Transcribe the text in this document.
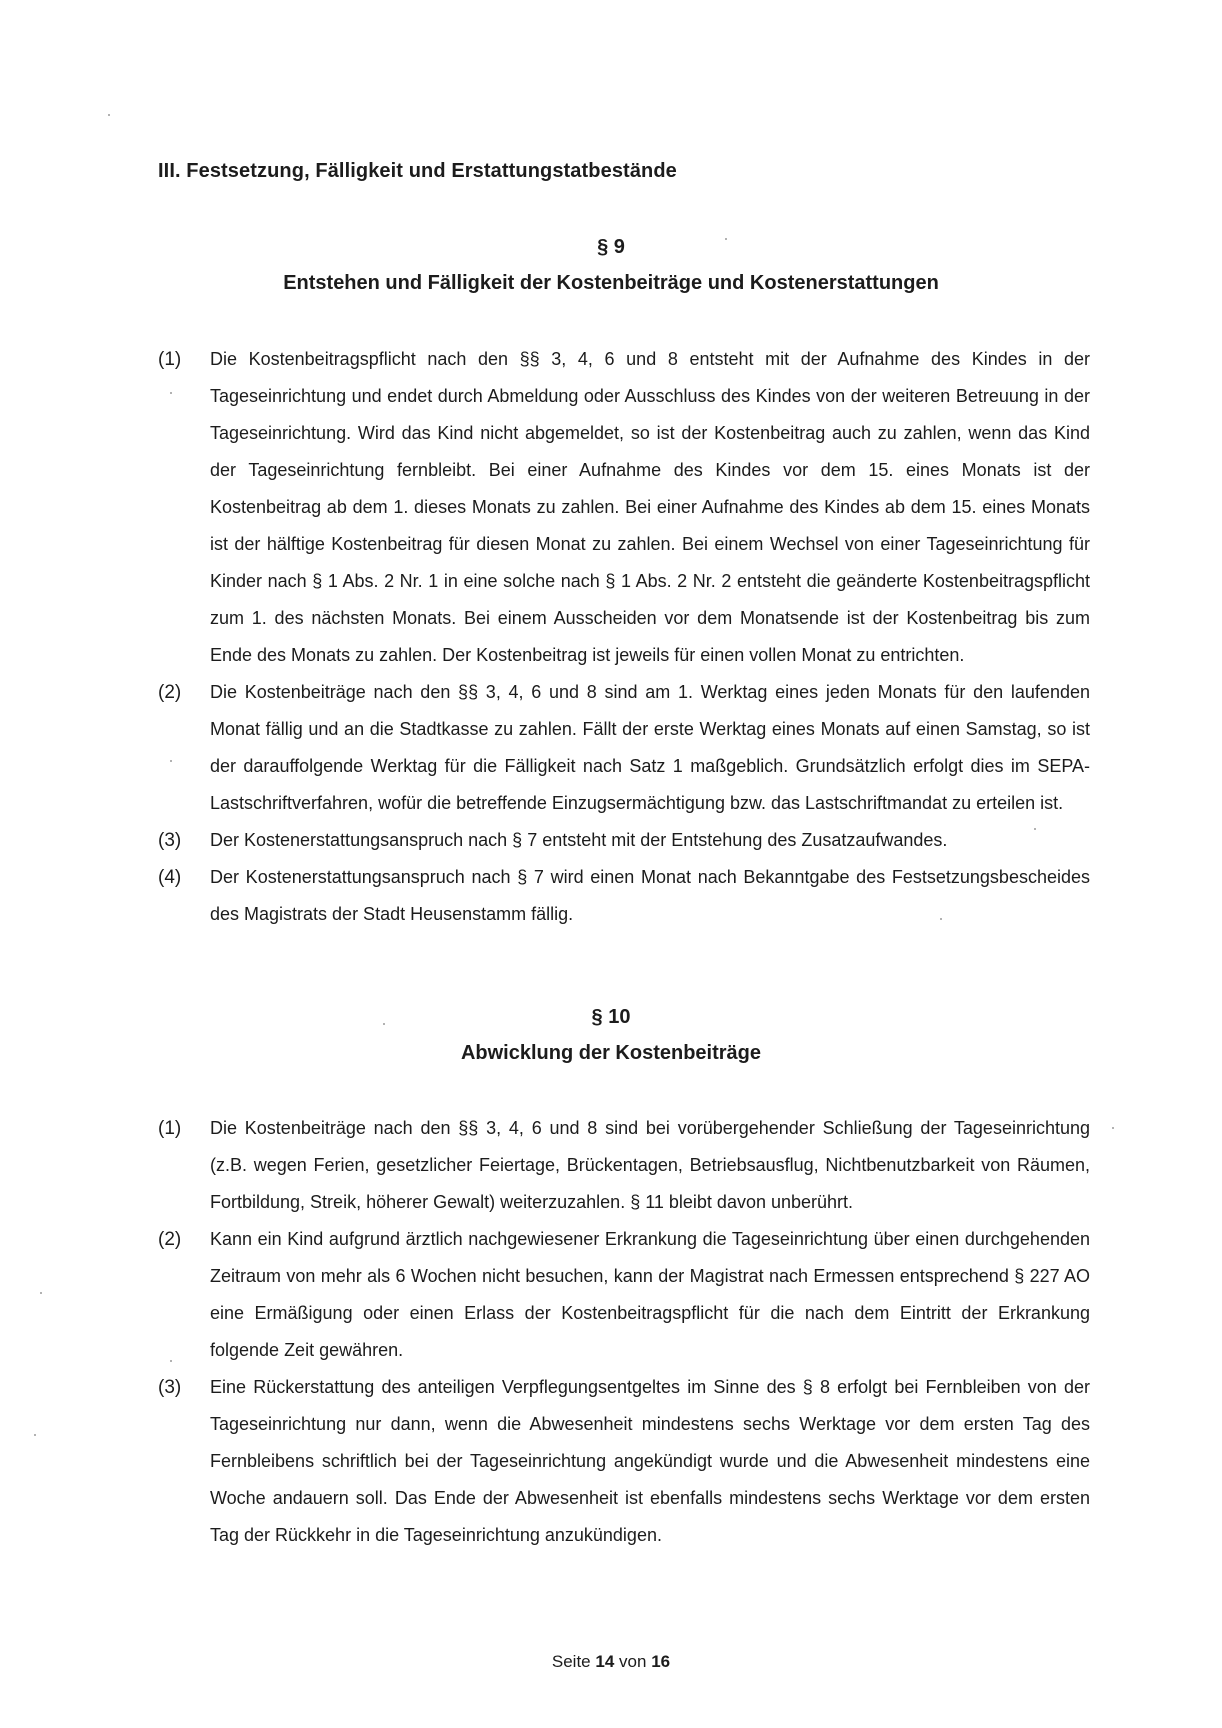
III. Festsetzung, Fälligkeit und Erstattungstatbestände
§ 9
Entstehen und Fälligkeit der Kostenbeiträge und Kostenerstattungen
(1)	Die Kostenbeitragspflicht nach den §§ 3, 4, 6 und 8 entsteht mit der Aufnahme des Kindes in der Tageseinrichtung und endet durch Abmeldung oder Ausschluss des Kindes von der weiteren Betreuung in der Tageseinrichtung. Wird das Kind nicht abgemeldet, so ist der Kostenbeitrag auch zu zahlen, wenn das Kind der Tageseinrichtung fernbleibt. Bei einer Aufnahme des Kindes vor dem 15. eines Monats ist der Kostenbeitrag ab dem 1. dieses Monats zu zahlen. Bei einer Aufnahme des Kindes ab dem 15. eines Monats ist der hälftige Kostenbeitrag für diesen Monat zu zahlen. Bei einem Wechsel von einer Tageseinrichtung für Kinder nach § 1 Abs. 2 Nr. 1 in eine solche nach § 1 Abs. 2 Nr. 2 entsteht die geänderte Kostenbeitragspflicht zum 1. des nächsten Monats. Bei einem Ausscheiden vor dem Monatsende ist der Kostenbeitrag bis zum Ende des Monats zu zahlen. Der Kostenbeitrag ist jeweils für einen vollen Monat zu entrichten.
(2)	Die Kostenbeiträge nach den §§ 3, 4, 6 und 8 sind am 1. Werktag eines jeden Monats für den laufenden Monat fällig und an die Stadtkasse zu zahlen. Fällt der erste Werktag eines Monats auf einen Samstag, so ist der darauffolgende Werktag für die Fälligkeit nach Satz 1 maßgeblich. Grundsätzlich erfolgt dies im SEPA-Lastschriftverfahren, wofür die betreffende Einzugsermächtigung bzw. das Lastschriftmandat zu erteilen ist.
(3)	Der Kostenerstattungsanspruch nach § 7 entsteht mit der Entstehung des Zusatzaufwandes.
(4)	Der Kostenerstattungsanspruch nach § 7 wird einen Monat nach Bekanntgabe des Festsetzungsbescheides des Magistrats der Stadt Heusenstamm fällig.
§ 10
Abwicklung der Kostenbeiträge
(1)	Die Kostenbeiträge nach den §§ 3, 4, 6 und 8 sind bei vorübergehender Schließung der Tageseinrichtung (z.B. wegen Ferien, gesetzlicher Feiertage, Brückentagen, Betriebsausflug, Nichtbenutzbarkeit von Räumen, Fortbildung, Streik, höherer Gewalt) weiterzuzahlen. § 11 bleibt davon unberührt.
(2)	Kann ein Kind aufgrund ärztlich nachgewiesener Erkrankung die Tageseinrichtung über einen durchgehenden Zeitraum von mehr als 6 Wochen nicht besuchen, kann der Magistrat nach Ermessen entsprechend § 227 AO eine Ermäßigung oder einen Erlass der Kostenbeitragspflicht für die nach dem Eintritt der Erkrankung folgende Zeit gewähren.
(3)	Eine Rückerstattung des anteiligen Verpflegungsentgeltes im Sinne des § 8 erfolgt bei Fernbleiben von der Tageseinrichtung nur dann, wenn die Abwesenheit mindestens sechs Werktage vor dem ersten Tag des Fernbleibens schriftlich bei der Tageseinrichtung angekündigt wurde und die Abwesenheit mindestens eine Woche andauern soll. Das Ende der Abwesenheit ist ebenfalls mindestens sechs Werktage vor dem ersten Tag der Rückkehr in die Tageseinrichtung anzukündigen.
Seite 14 von 16
